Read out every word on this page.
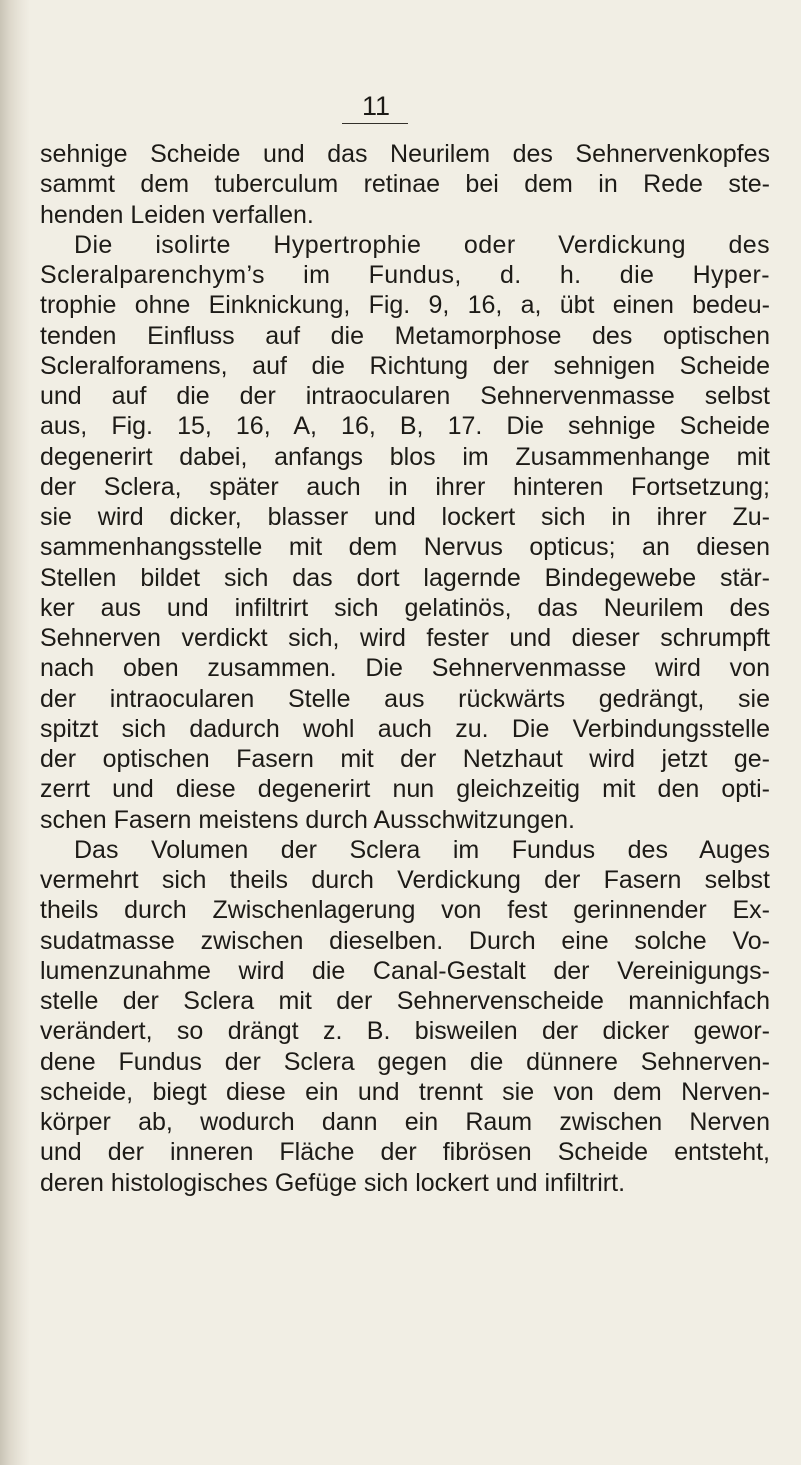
11
sehnige Scheide und das Neurilem des Sehnervenkopfes
sammt dem tuberculum retinae bei dem in Rede ste-
henden Leiden verfallen.
Die isolirte Hypertrophie oder Verdickung des
Scleralparenchym’s im Fundus, d. h. die Hyper-
trophie ohne Einknickung, Fig. 9, 16, a, übt einen bedeu-
tenden Einfluss auf die Metamorphose des optischen
Scleralforamens, auf die Richtung der sehnigen Scheide
und auf die der intraocularen Sehnervenmasse selbst
aus, Fig. 15, 16, A, 16, B, 17. Die sehnige Scheide
degenerirt dabei, anfangs blos im Zusammenhange mit
der Sclera, später auch in ihrer hinteren Fortsetzung;
sie wird dicker, blasser und lockert sich in ihrer Zu-
sammenhangsstelle mit dem Nervus opticus; an diesen
Stellen bildet sich das dort lagernde Bindegewebe stär-
ker aus und infiltrirt sich gelatinös, das Neurilem des
Sehnerven verdickt sich, wird fester und dieser schrumpft
nach oben zusammen. Die Sehnervenmasse wird von
der intraocularen Stelle aus rückwärts gedrängt, sie
spitzt sich dadurch wohl auch zu. Die Verbindungsstelle
der optischen Fasern mit der Netzhaut wird jetzt ge-
zerrt und diese degenerirt nun gleichzeitig mit den opti-
schen Fasern meistens durch Ausschwitzungen.
Das Volumen der Sclera im Fundus des Auges
vermehrt sich theils durch Verdickung der Fasern selbst
theils durch Zwischenlagerung von fest gerinnender Ex-
sudatmasse zwischen dieselben. Durch eine solche Vo-
lumenzunahme wird die Canal-Gestalt der Vereinigungs-
stelle der Sclera mit der Sehnervenscheide mannichfach
verändert, so drängt z. B. bisweilen der dicker gewor-
dene Fundus der Sclera gegen die dünnere Sehnerven-
scheide, biegt diese ein und trennt sie von dem Nerven-
körper ab, wodurch dann ein Raum zwischen Nerven
und der inneren Fläche der fibrösen Scheide entsteht,
deren histologisches Gefüge sich lockert und infiltrirt.
